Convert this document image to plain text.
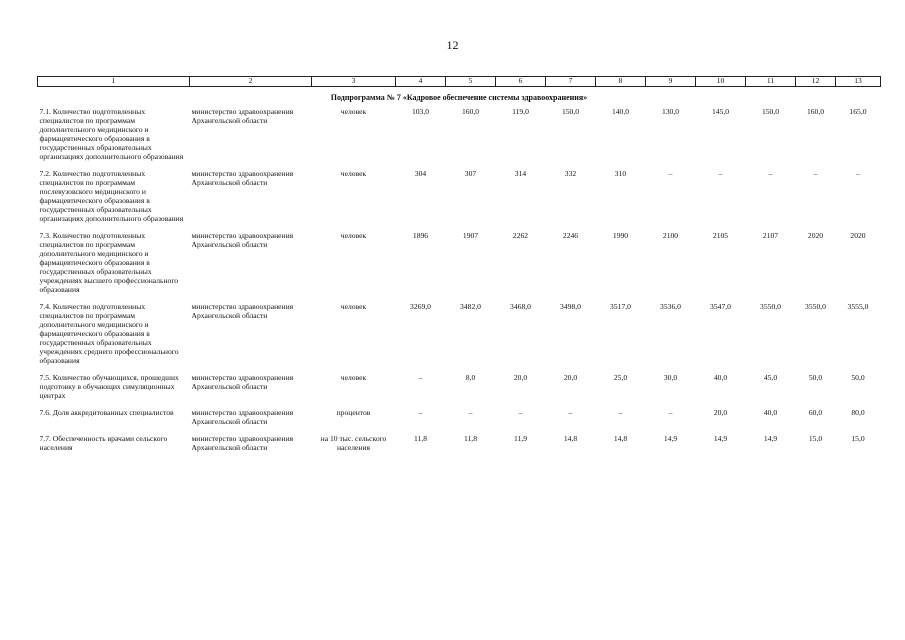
12
1	2	3	4	5	6	7	8	9	10	11	12	13
Подпрограмма № 7 «Кадровое обеспечение системы здравоохранения»												
7.1. Количество подготовленных специалистов по программам дополнительного медицинского и фармацевтического образования в государственных образовательных организациях дополнительного образования	министерство здравоохранения Архангельской области	человек	103,0	160,0	119,0	150,0	140,0	130,0	145,0	150,0	160,0	165,0
7.2. Количество подготовленных специалистов по программам послевузовского медицинского и фармацевтического образования в государственных образовательных организациях дополнительного образования	министерство здравоохранения Архангельской области	человек	304	307	314	332	310	–	–	–	–	–
7.3. Количество подготовленных специалистов по программам дополнительного медицинского и фармацевтического образования в государственных образовательных учреждениях высшего профессионального образования	министерство здравоохранения Архангельской области	человек	1896	1907	2262	2246	1990	2100	2105	2107	2020	2020
7.4. Количество подготовленных специалистов по программам дополнительного медицинского и фармацевтического образования в государственных образовательных учреждениях среднего профессионального образования	министерство здравоохранения Архангельской области	человек	3269,0	3482,0	3468,0	3498,0	3517,0	3536,0	3547,0	3550,0	3550,0	3555,0
7.5. Количество обучающихся, прошедших подготовку в обучающих симуляционных центрах	министерство здравоохранения Архангельской области	человек	–	8,0	20,0	20,0	25,0	30,0	40,0	45,0	50,0	50,0
7.6. Доля аккредитованных специалистов	министерство здравоохранения Архангельской области	процентов	–	–	–	–	–	–	20,0	40,0	60,0	80,0
7.7. Обеспеченность врачами сельского населения	министерство здравоохранения Архангельской области	на 10 тыс. сельского населения	11,8	11,8	11,9	14,8	14,8	14,9	14,9	14,9	15,0	15,0
